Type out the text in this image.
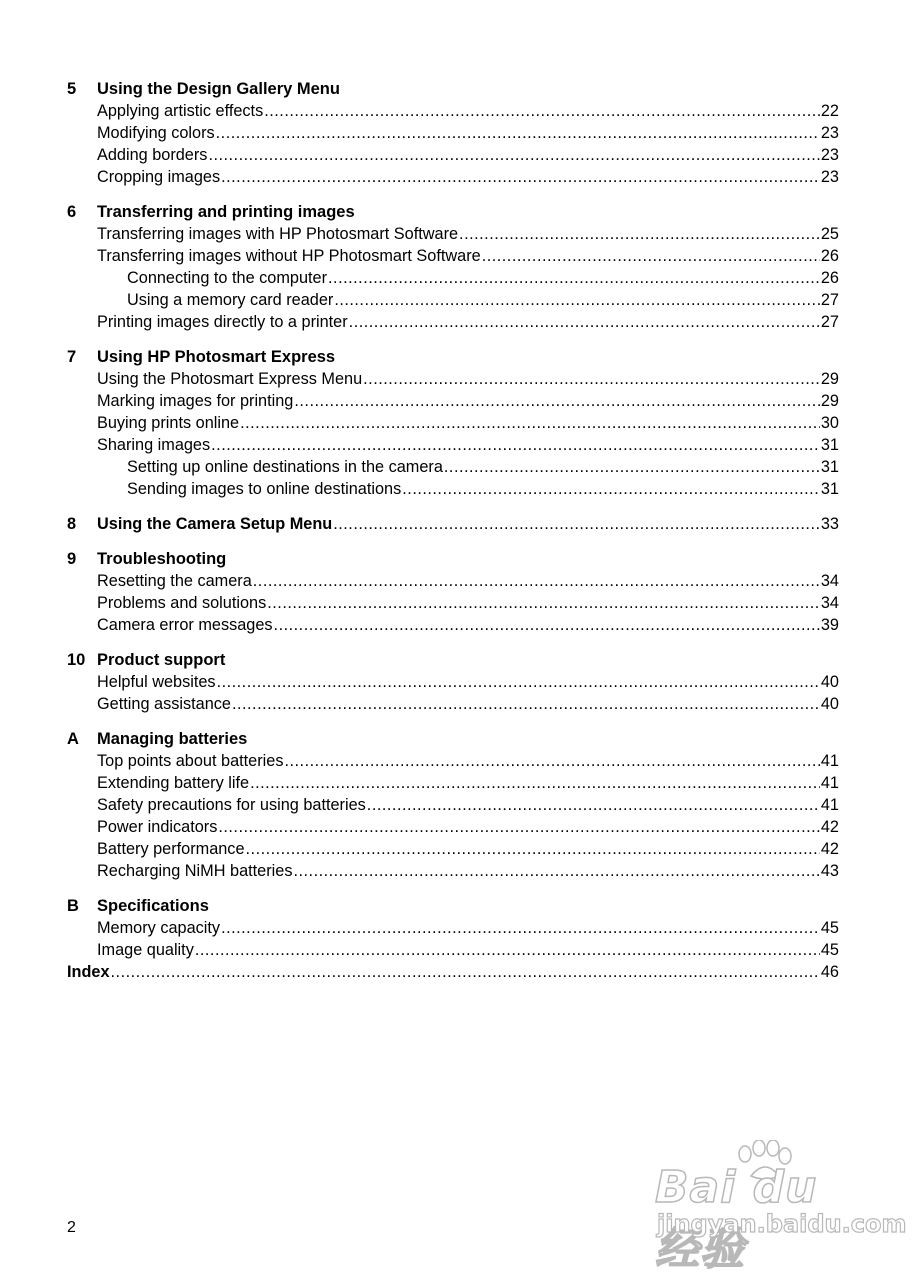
5	Using the Design Gallery Menu
Applying artistic effects .....	22
Modifying colors .....	23
Adding borders .....	23
Cropping images .....	23
6	Transferring and printing images
Transferring images with HP Photosmart Software .....	25
Transferring images without HP Photosmart Software .....	26
Connecting to the computer .....	26
Using a memory card reader .....	27
Printing images directly to a printer .....	27
7	Using HP Photosmart Express
Using the Photosmart Express Menu .....	29
Marking images for printing .....	29
Buying prints online .....	30
Sharing images .....	31
Setting up online destinations in the camera .....	31
Sending images to online destinations .....	31
8	Using the Camera Setup Menu .....	33
9	Troubleshooting
Resetting the camera .....	34
Problems and solutions .....	34
Camera error messages .....	39
10 Product support
Helpful websites .....	40
Getting assistance .....	40
A	Managing batteries
Top points about batteries .....	41
Extending battery life .....	41
Safety precautions for using batteries .....	41
Power indicators .....	42
Battery performance .....	42
Recharging NiMH batteries .....	43
B	Specifications
Memory capacity .....	45
Image quality .....	45
Index .....	46
2
Bai du 经验
jingyan.baidu.com
